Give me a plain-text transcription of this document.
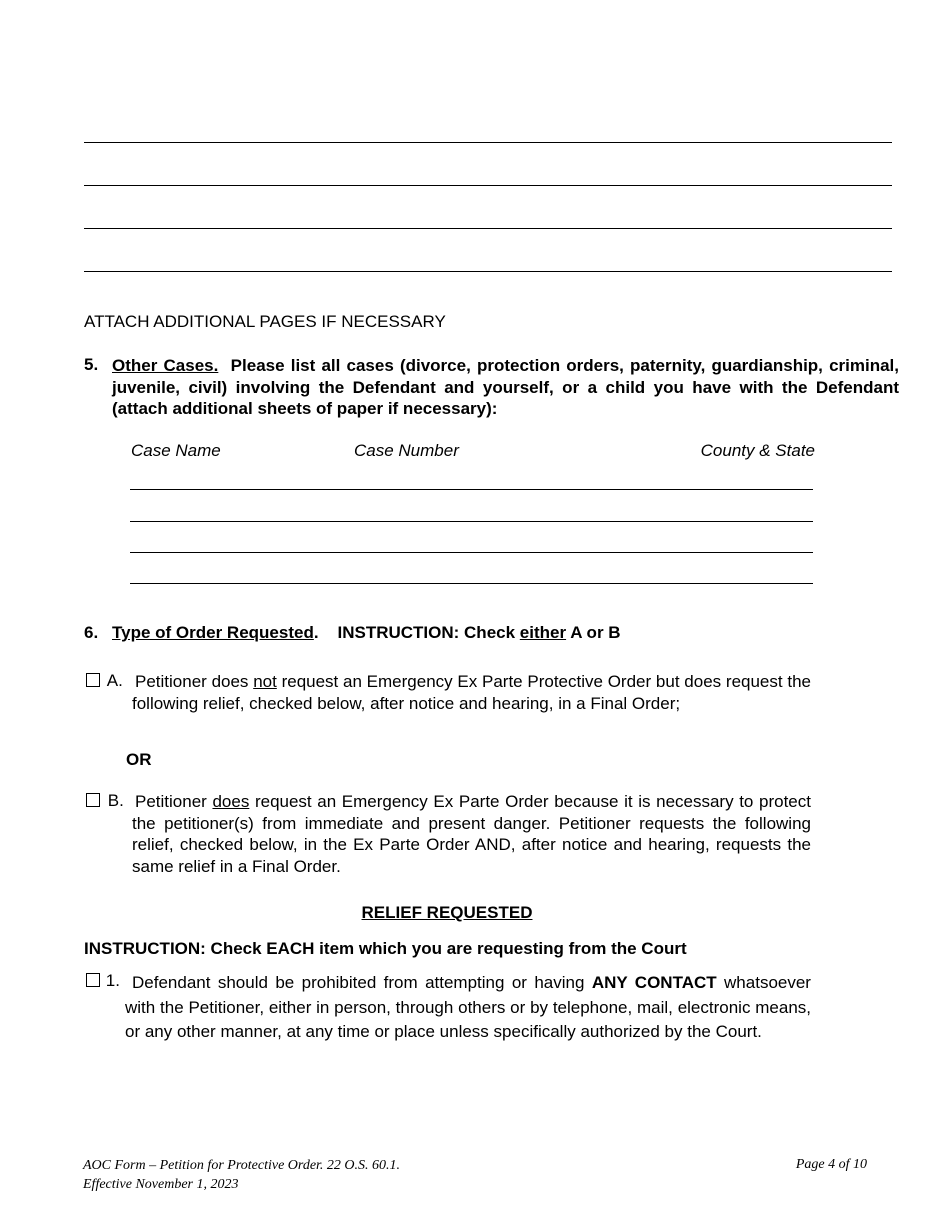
ATTACH ADDITIONAL PAGES IF NECESSARY
5. Other Cases. Please list all cases (divorce, protection orders, paternity, guardianship, criminal, juvenile, civil) involving the Defendant and yourself, or a child you have with the Defendant (attach additional sheets of paper if necessary):
Case Name	Case Number	County & State
6. Type of Order Requested.    INSTRUCTION: Check either A or B
A. Petitioner does not request an Emergency Ex Parte Protective Order but does request the following relief, checked below, after notice and hearing, in a Final Order;
OR
B. Petitioner does request an Emergency Ex Parte Order because it is necessary to protect the petitioner(s) from immediate and present danger. Petitioner requests the following relief, checked below, in the Ex Parte Order AND, after notice and hearing, requests the same relief in a Final Order.
RELIEF REQUESTED
INSTRUCTION: Check EACH item which you are requesting from the Court
1. Defendant should be prohibited from attempting or having ANY CONTACT whatsoever with the Petitioner, either in person, through others or by telephone, mail, electronic means, or any other manner, at any time or place unless specifically authorized by the Court.
AOC Form – Petition for Protective Order. 22 O.S. 60.1.
Effective November 1, 2023
Page 4 of 10
